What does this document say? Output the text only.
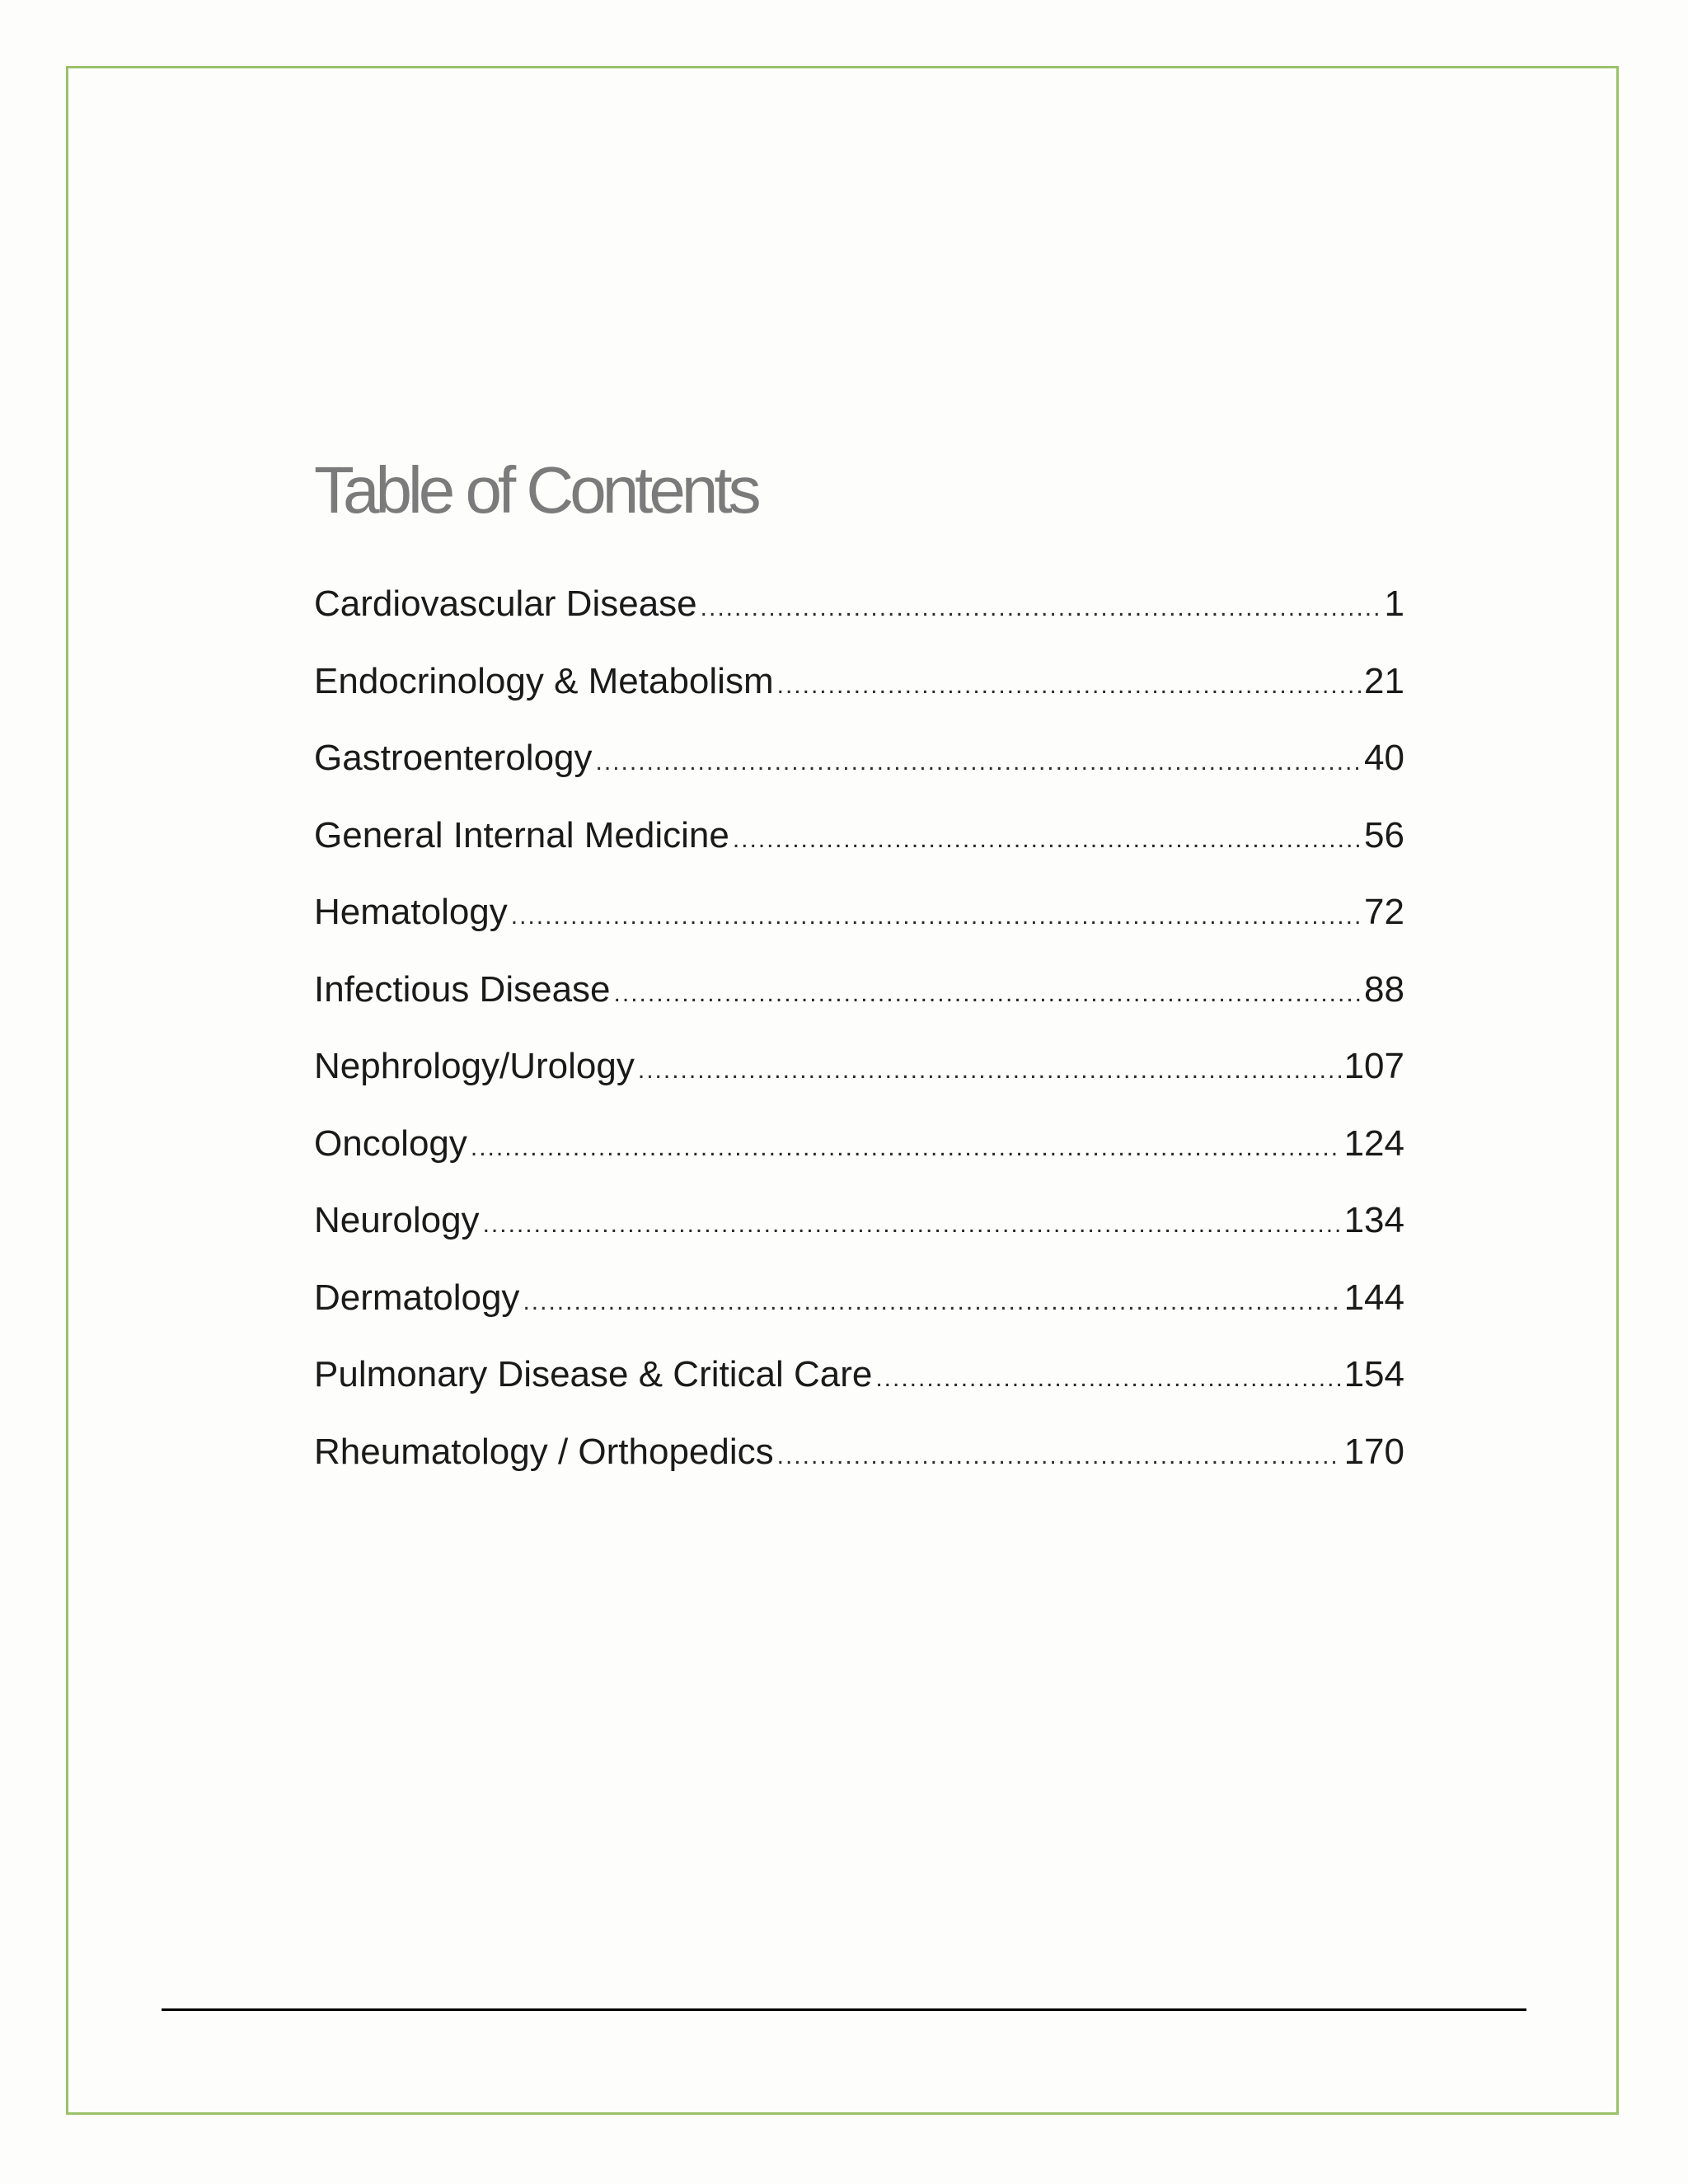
Table of Contents
Cardiovascular Disease .....	1
Endocrinology & Metabolism .....	21
Gastroenterology .....	40
General Internal Medicine .....	56
Hematology .....	72
Infectious Disease .....	88
Nephrology/Urology .....	107
Oncology .....	124
Neurology .....	134
Dermatology .....	144
Pulmonary Disease & Critical Care .....	154
Rheumatology / Orthopedics .....	170
